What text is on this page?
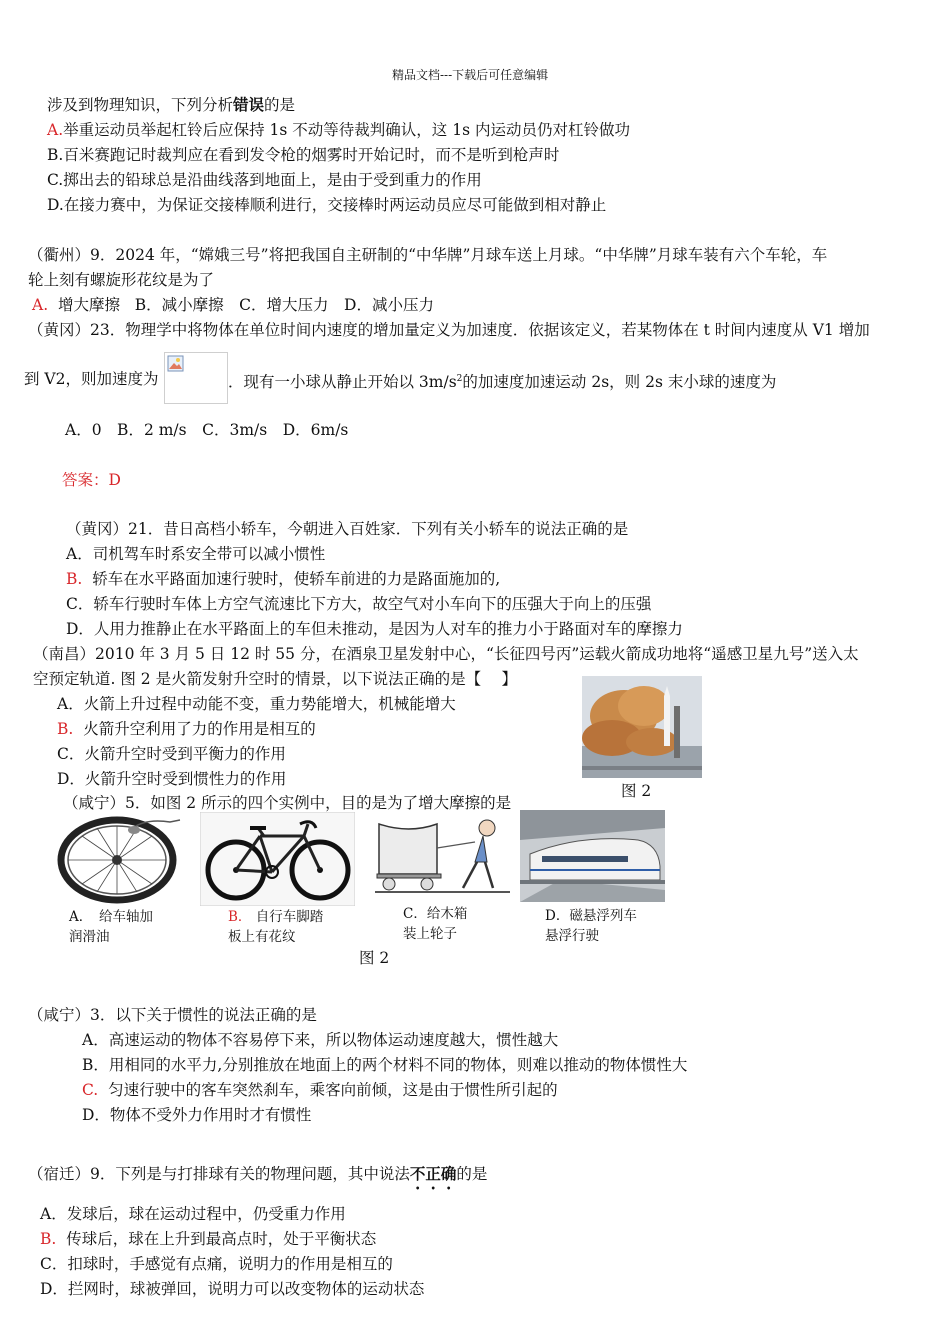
精品文档---下载后可任意编辑
涉及到物理知识，下列分析错误的是
A.举重运动员举起杠铃后应保持 1s 不动等待裁判确认，这 1s 内运动员仍对杠铃做功
B.百米赛跑记时裁判应在看到发令枪的烟雾时开始记时，而不是听到枪声时
C.掷出去的铅球总是沿曲线落到地面上，是由于受到重力的作用
D.在接力赛中，为保证交接棒顺利进行，交接棒时两运动员应尽可能做到相对静止
（衢州）9．2024 年，“嫦娥三号”将把我国自主研制的“中华牌”月球车送上月球。“中华牌”月球车装有六个车轮，车
轮上刻有螺旋形花纹是为了
A. 增大摩擦 B．减小摩擦　C．增大压力　D．减小压力
（黄冈）23．物理学中将物体在单位时间内速度的增加量定义为加速度．依据该定义，若某物体在 t 时间内速度从 V1 增加
到 V2，则加速度为	．现有一小球从静止开始以 $3m/s^2$的加速度加速运动 2s，则 2s 末小球的速度为
A．0　B．2 m/s　C．3m/s　D．6m/s
答案：D
（黄冈）21．昔日高档小轿车，今朝进入百姓家．下列有关小轿车的说法正确的是
A．司机驾车时系安全带可以减小惯性
B. 轿车在水平路面加速行驶时，使轿车前进的力是路面施加的,
C．轿车行驶时车体上方空气流速比下方大，故空气对小车向下的压强大于向上的压强
D．人用力推静止在水平路面上的车但未推动，是因为人对车的推力小于路面对车的摩擦力
（南昌）2010 年 3 月 5 日 12 时 55 分，在酒泉卫星发射中心，“长征四号丙”运载火箭成功地将“遥感卫星九号”送入太
空预定轨道. 图 2 是火箭发射升空时的情景，以下说法正确的是【　 】
A．火箭上升过程中动能不变，重力势能增大，机械能增大
B. 火箭升空利用了力的作用是相互的
C．火箭升空时受到平衡力的作用
D．火箭升空时受到惯性力的作用
图 2
（咸宁）5．如图 2 所示的四个实例中，目的是为了增大摩擦的是
A．　给车轴加
润滑油
B． 自行车脚踏
板上有花纹
C．给木箱
装上轮子
D．磁悬浮列车
悬浮行驶
图 2
（咸宁）3．以下关于惯性的说法正确的是
A．高速运动的物体不容易停下来，所以物体运动速度越大，惯性越大
B．用相同的水平力,分别推放在地面上的两个材料不同的物体，则难以推动的物体惯性大
C. 匀速行驶中的客车突然刹车，乘客向前倾，这是由于惯性所引起的
D．物体不受外力作用时才有惯性
（宿迁）9．下列是与打排球有关的物理问题，其中说法不正确的是
A．发球后，球在运动过程中，仍受重力作用
B. 传球后，球在上升到最高点时，处于平衡状态
C．扣球时，手感觉有点痛，说明力的作用是相互的
D．拦网时，球被弹回，说明力可以改变物体的运动状态
